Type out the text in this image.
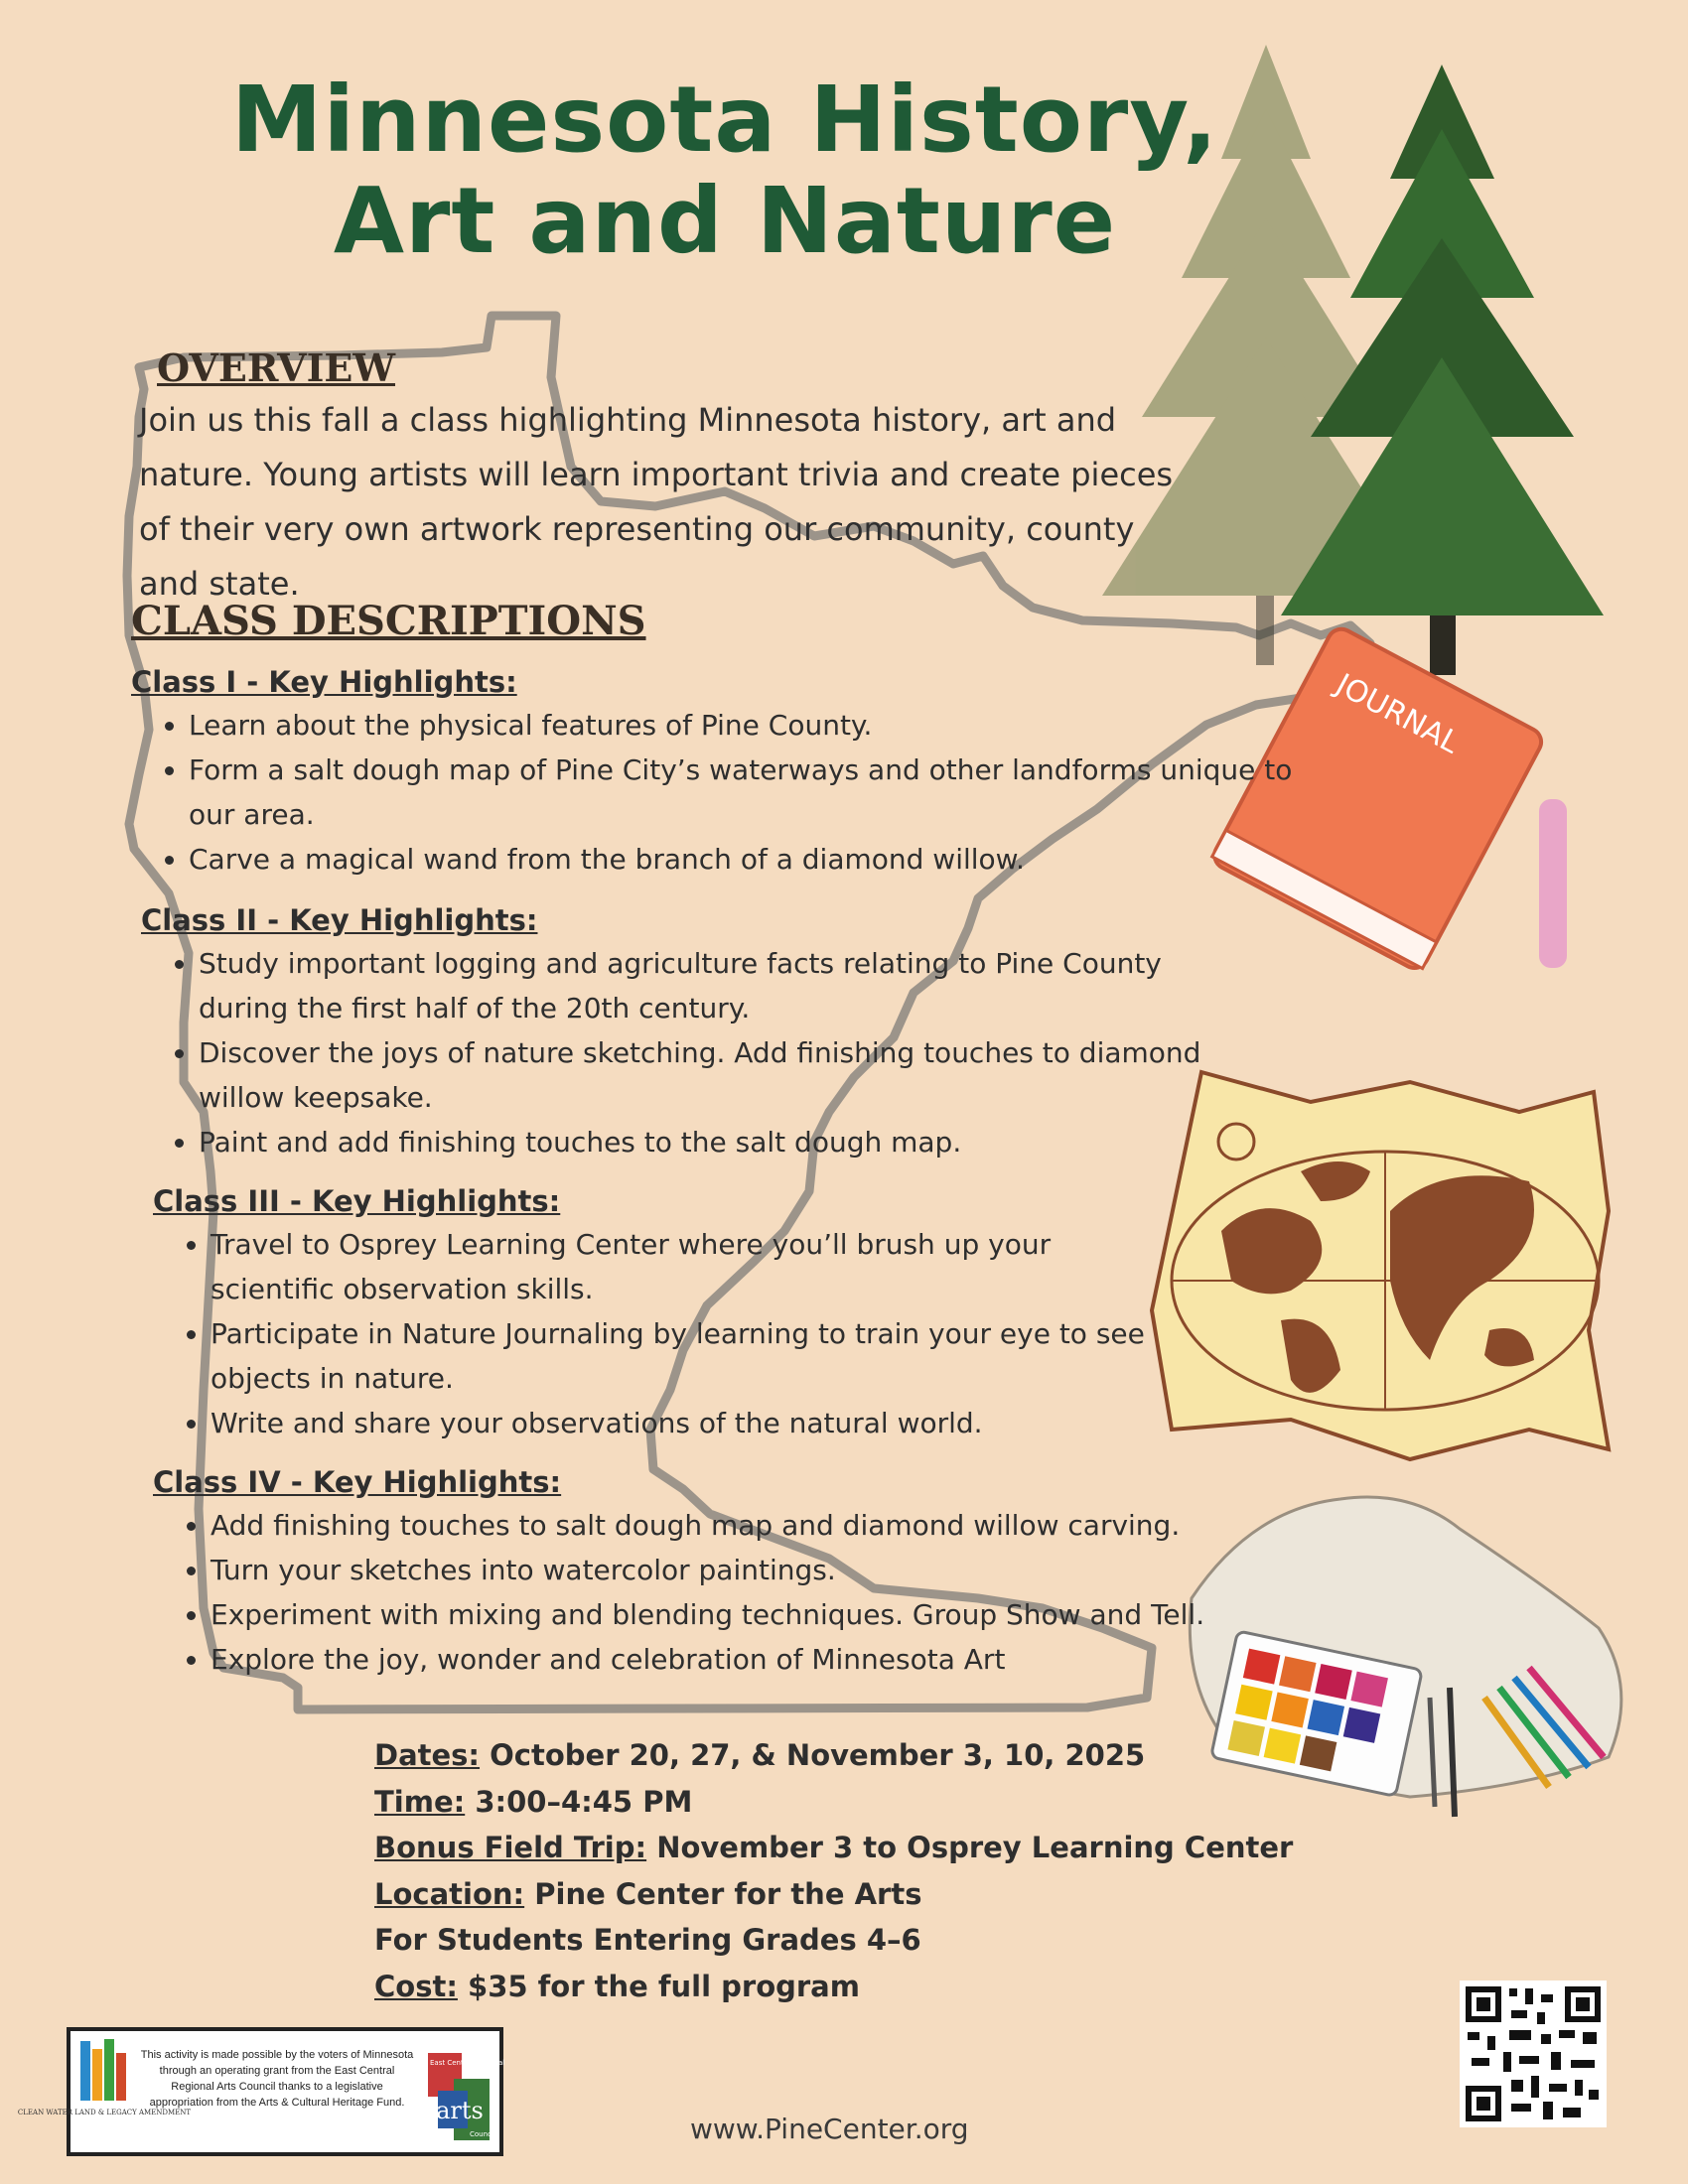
JOURNAL
Minnesota History,
Art and Nature
OVERVIEW
Join us this fall a class highlighting Minnesota history, art and nature. Young artists will learn important trivia and create pieces of their very own artwork representing our community, county and state.
CLASS DESCRIPTIONS
Class I - Key Highlights:
• Learn about the physical features of Pine County.
• Form a salt dough map of Pine City’s waterways and other landforms unique to our area.
• Carve a magical wand from the branch of a diamond willow.
Class II - Key Highlights:
• Study important logging and agriculture facts relating to Pine County during the first half of the 20th century.
• Discover the joys of nature sketching. Add finishing touches to diamond willow keepsake.
• Paint and add finishing touches to the salt dough map.
Class III - Key Highlights:
• Travel to Osprey Learning Center where you’ll brush up your scientific observation skills.
• Participate in Nature Journaling by learning to train your eye to see objects in nature.
• Write and share your observations of the natural world.
Class IV - Key Highlights:
• Add finishing touches to salt dough map and diamond willow carving.
• Turn your sketches into watercolor paintings.
• Experiment with mixing and blending techniques. Group Show and Tell.
• Explore the joy, wonder and celebration of Minnesota Art
Dates: October 20, 27, & November 3, 10, 2025
Time: 3:00–4:45 PM
Bonus Field Trip: November 3 to Osprey Learning Center
Location: Pine Center for the Arts
For Students Entering Grades 4–6
Cost: $35 for the full program
CLEAN WATER LAND & LEGACY AMENDMENT
This activity is made possible by the voters of Minnesota through an operating grant from the East Central Regional Arts Council thanks to a legislative appropriation from the Arts & Cultural Heritage Fund.
East Central Regional
arts
Council	www.PineCenter.org
